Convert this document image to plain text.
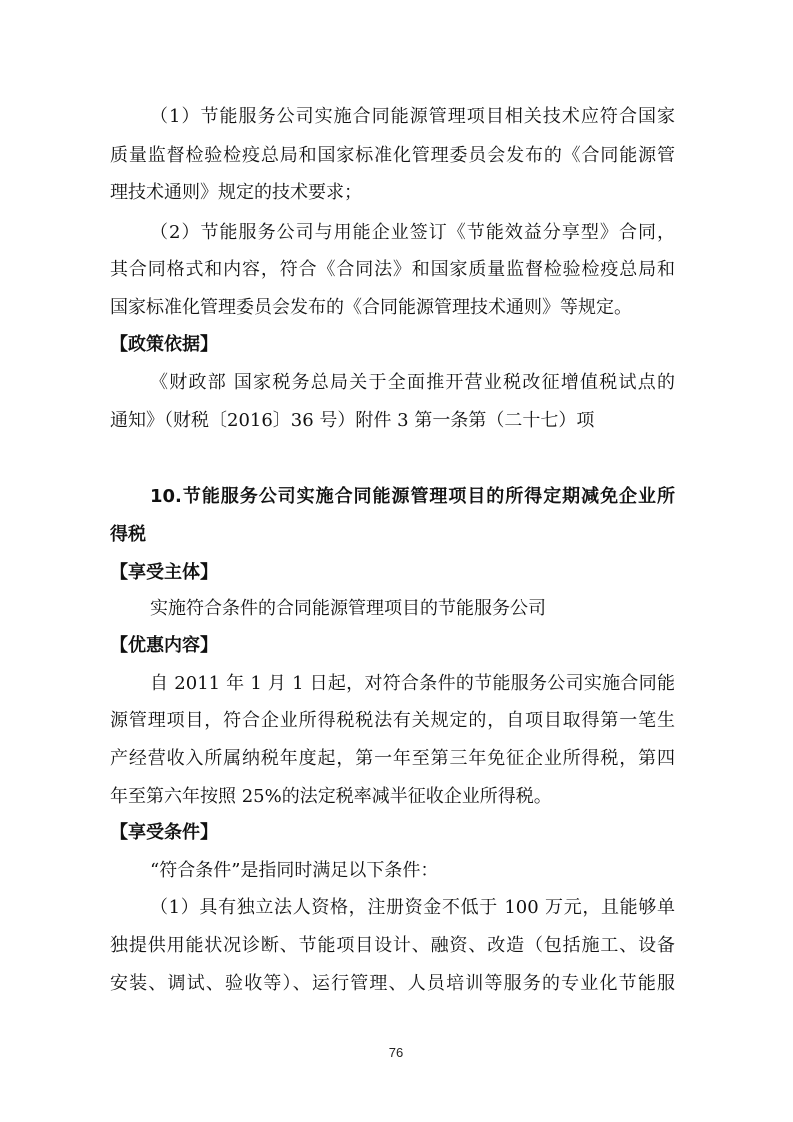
（1）节能服务公司实施合同能源管理项目相关技术应符合国家
质量监督检验检疫总局和国家标准化管理委员会发布的《合同能源管
理技术通则》规定的技术要求；
（2）节能服务公司与用能企业签订《节能效益分享型》合同，
其合同格式和内容，符合《合同法》和国家质量监督检验检疫总局和
国家标准化管理委员会发布的《合同能源管理技术通则》等规定。
【政策依据】
《财政部 国家税务总局关于全面推开营业税改征增值税试点的
通知》（财税〔2016〕36 号）附件 3 第一条第（二十七）项
10.节能服务公司实施合同能源管理项目的所得定期减免企业所
得税
【享受主体】
实施符合条件的合同能源管理项目的节能服务公司
【优惠内容】
自 2011 年 1 月 1 日起，对符合条件的节能服务公司实施合同能
源管理项目，符合企业所得税税法有关规定的，自项目取得第一笔生
产经营收入所属纳税年度起，第一年至第三年免征企业所得税，第四
年至第六年按照 25%的法定税率减半征收企业所得税。
【享受条件】
“符合条件”是指同时满足以下条件：
（1）具有独立法人资格，注册资金不低于 100 万元，且能够单
独提供用能状况诊断、节能项目设计、融资、改造（包括施工、设备
安装、调试、验收等）、运行管理、人员培训等服务的专业化节能服
76
